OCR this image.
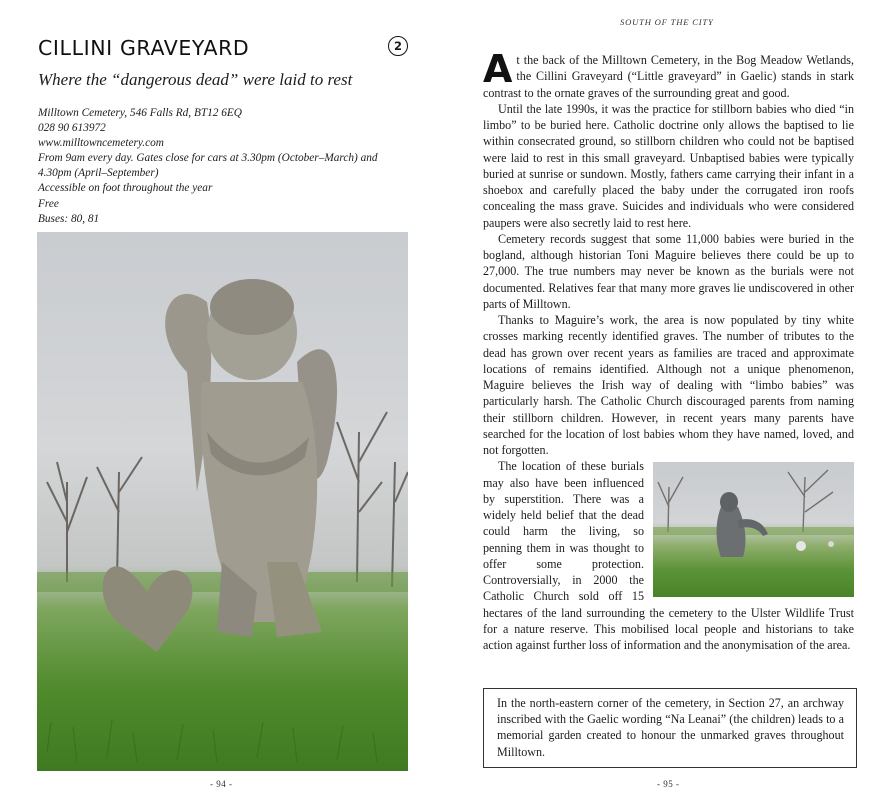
CILLINI GRAVEYARD	2
Where the “dangerous dead” were laid to rest
Milltown Cemetery, 546 Falls Rd, BT12 6EQ
028 90 613972
www.milltowncemetery.com
From 9am every day. Gates close for cars at 3.30pm (October–March) and 4.30pm (April–September)
Accessible on foot throughout the year
Free
Buses: 80, 81
- 94 -
SOUTH OF THE CITY

At the back of the Milltown Cemetery, in the Bog Meadow Wetlands, the Cillini Graveyard (“Little graveyard” in Gaelic) stands in stark contrast to the ornate graves of the surrounding great and good.

Until the late 1990s, it was the practice for stillborn babies who died “in limbo” to be buried here. Catholic doctrine only allows the baptised to lie within consecrated ground, so stillborn children who could not be baptised were laid to rest in this small graveyard. Unbaptised babies were typically buried at sunrise or sundown. Mostly, fathers came carrying their infant in a shoebox and carefully placed the baby under the corrugated iron roofs concealing the mass grave. Suicides and individuals who were considered paupers were also secretly laid to rest here.

Cemetery records suggest that some 11,000 babies were buried in the bogland, although historian Toni Maguire believes there could be up to 27,000. The true numbers may never be known as the burials were not documented. Relatives fear that many more graves lie undiscovered in other parts of Milltown.

Thanks to Maguire’s work, the area is now populated by tiny white crosses marking recently identified graves. The number of tributes to the dead has grown over recent years as families are traced and approximate locations of remains identified. Although not a unique phenomenon, Maguire believes the Irish way of dealing with “limbo babies” was particularly harsh. The Catholic Church discouraged parents from naming their stillborn children. However, in recent years many parents have searched for the location of lost babies whom they have named, loved, and not forgotten.

The location of these burials may also have been influenced by superstition. There was a widely held belief that the dead could harm the living, so penning them in was thought to offer some protection. Controversially, in 2000 the Catholic Church sold off 15 hectares of the land surrounding the cemetery to the Ulster Wildlife Trust for a nature reserve. This mobilised local people and historians to take action against further loss of information and the anonymisation of the area.

In the north-eastern corner of the cemetery, in Section 27, an archway inscribed with the Gaelic wording “Na Leanai” (the children) leads to a memorial garden created to honour the unmarked graves throughout Milltown.
- 95 -
